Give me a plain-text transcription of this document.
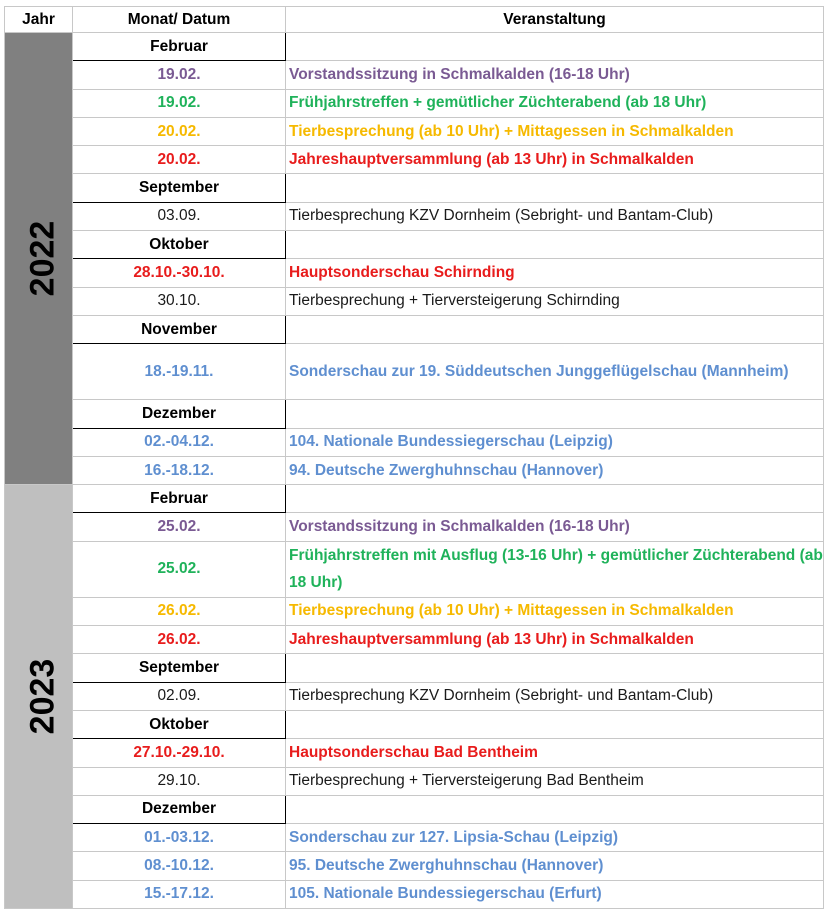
Jahr	Monat/ Datum	Veranstaltung
2022	Februar	
	19.02.	Vorstandssitzung in Schmalkalden (16-18 Uhr)
	19.02.	Frühjahrstreffen + gemütlicher Züchterabend (ab 18 Uhr)
	20.02.	Tierbesprechung (ab 10 Uhr) + Mittagessen in Schmalkalden
	20.02.	Jahreshauptversammlung (ab 13 Uhr) in Schmalkalden
	September	
	03.09.	Tierbesprechung KZV Dornheim (Sebright- und Bantam-Club)
	Oktober	
	28.10.-30.10.	Hauptsonderschau Schirnding
	30.10.	Tierbesprechung + Tierversteigerung Schirnding
	November	
	18.-19.11.	Sonderschau zur 19. Süddeutschen Junggeflügelschau (Mannheim)
	Dezember	
	02.-04.12.	104. Nationale Bundessiegerschau (Leipzig)
	16.-18.12.	94. Deutsche Zwerghuhnschau (Hannover)
2023	Februar	
	25.02.	Vorstandssitzung in Schmalkalden (16-18 Uhr)
	25.02.	Frühjahrstreffen mit Ausflug (13-16 Uhr) + gemütlicher Züchterabend (ab 18 Uhr)
	26.02.	Tierbesprechung (ab 10 Uhr) + Mittagessen in Schmalkalden
	26.02.	Jahreshauptversammlung (ab 13 Uhr) in Schmalkalden
	September	
	02.09.	Tierbesprechung KZV Dornheim (Sebright- und Bantam-Club)
	Oktober	
	27.10.-29.10.	Hauptsonderschau Bad Bentheim
	29.10.	Tierbesprechung + Tierversteigerung Bad Bentheim
	Dezember	
	01.-03.12.	Sonderschau zur 127. Lipsia-Schau (Leipzig)
	08.-10.12.	95. Deutsche Zwerghuhnschau (Hannover)
	15.-17.12.	105. Nationale Bundessiegerschau (Erfurt)
